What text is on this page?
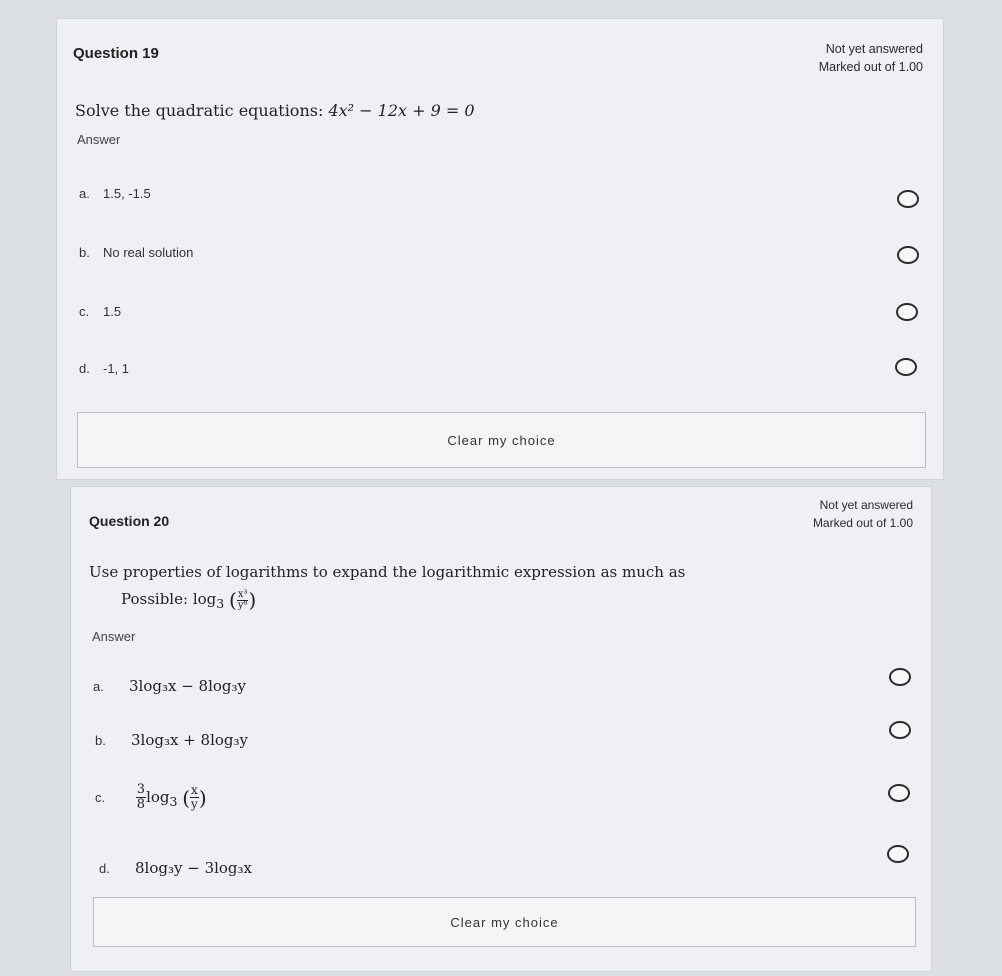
Question 19	Not yet answered
Marked out of 1.00
Solve the quadratic equations: 4x² − 12x + 9 = 0
Answer
a. 1.5, -1.5
b. No real solution
c. 1.5
d. -1, 1
Clear my choice
Question 20
Not yet answered
Marked out of 1.00
Use properties of logarithms to expand the logarithmic expression as much as
Possible: $\log_3$ ( $\frac{\text{x³}}{\text{y⁸}}$ )
Answer
a. 3log₃x − 8log₃y
b. 3log₃x + 8log₃y
c. $\frac{3}{8} \log_3$ ( $\frac{x}{y}$ )
d. 8log₃y − 3log₃x
Clear my choice
